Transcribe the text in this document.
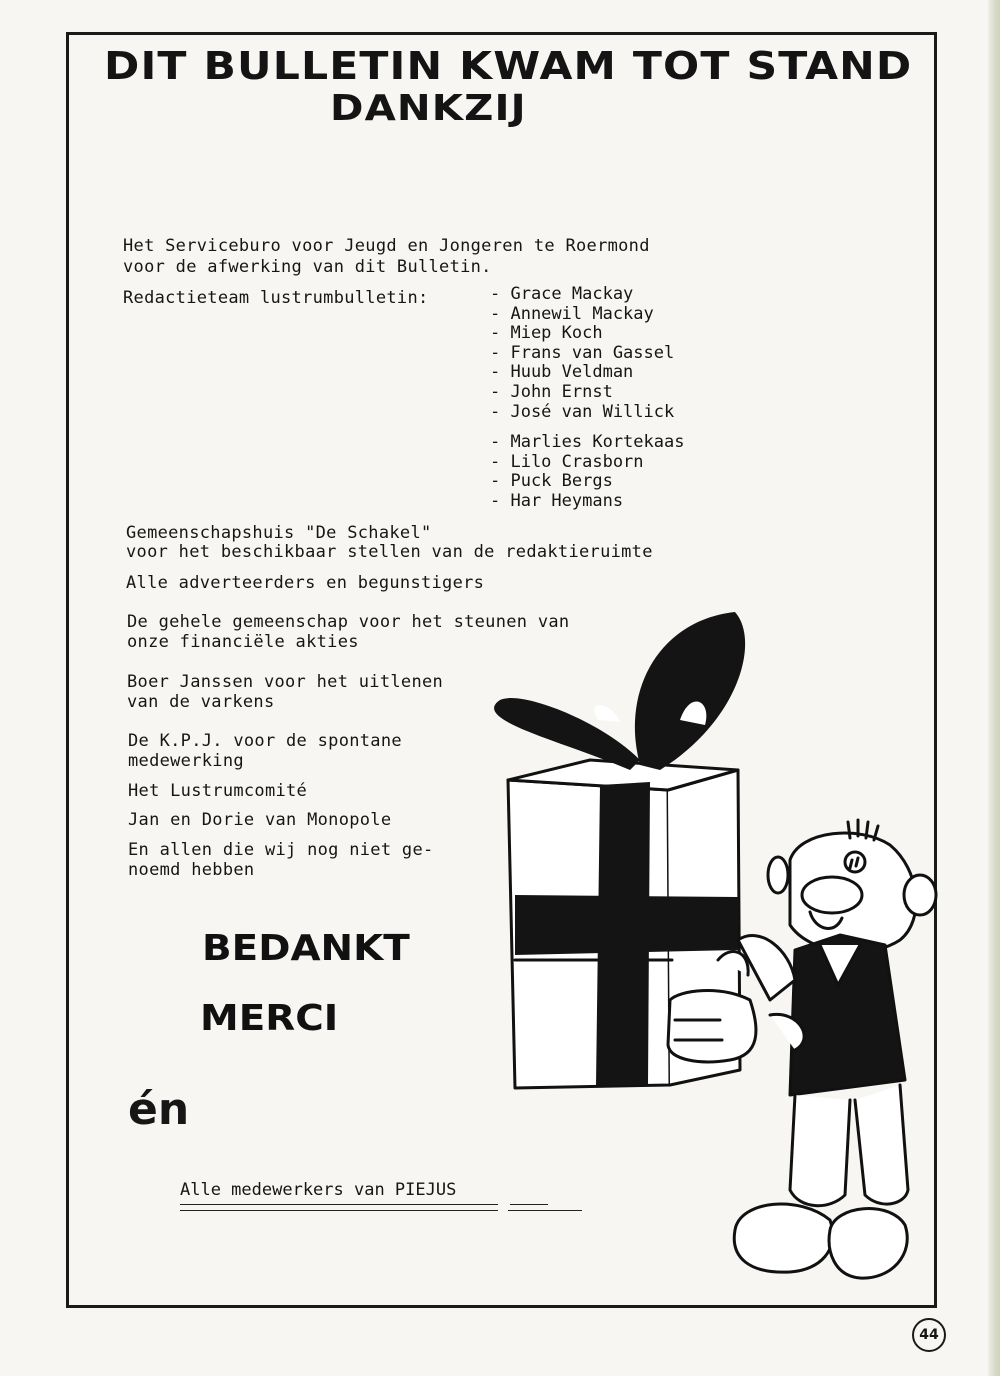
DIT BULLETIN KWAM TOT STAND
DANKZIJ
Het Serviceburo voor Jeugd en Jongeren te Roermond
voor de afwerking van dit Bulletin.
Redactieteam lustrumbulletin:	- Grace Mackay
- Annewil Mackay
- Miep Koch
- Frans van Gassel
- Huub Veldman
- John Ernst
- José van Willick
- Marlies Kortekaas
- Lilo Crasborn
- Puck Bergs
- Har Heymans
Gemeenschapshuis "De Schakel"
voor het beschikbaar stellen van de redaktieruimte
Alle adverteerders en begunstigers
De gehele gemeenschap voor het steunen van
onze financiële akties
Boer Janssen voor het uitlenen
van de varkens
De K.P.J. voor de spontane
medewerking
Het Lustrumcomité
Jan en Dorie van Monopole
En allen die wij nog niet ge-
noemd hebben
BEDANKT
MERCI
én
Alle medewerkers van PIEJUS
44
